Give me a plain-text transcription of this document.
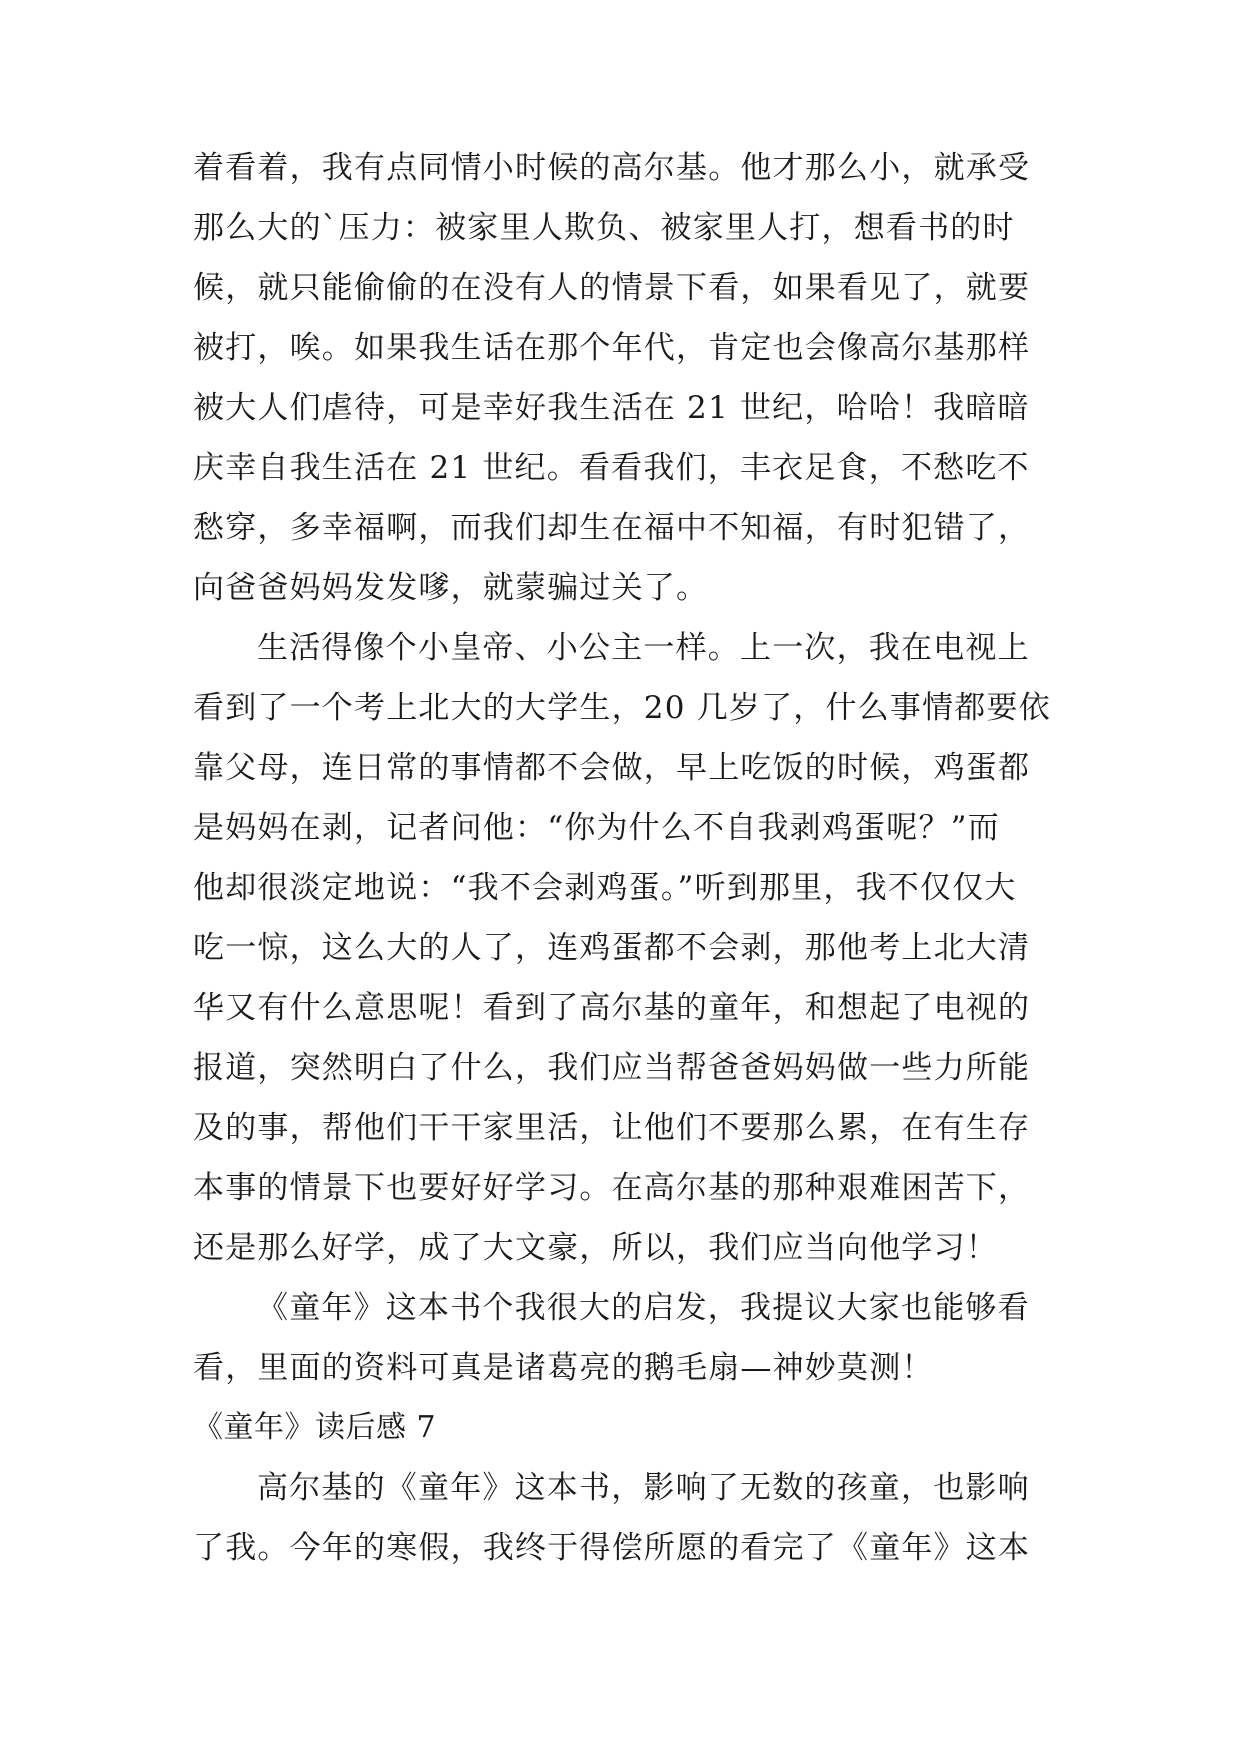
着看着，我有点同情小时候的高尔基。他才那么小，就承受
那么大的`压力：被家里人欺负、被家里人打，想看书的时
候，就只能偷偷的在没有人的情景下看，如果看见了，就要
被打，唉。如果我生话在那个年代，肯定也会像高尔基那样
被大人们虐待，可是幸好我生活在 21 世纪，哈哈！我暗暗
庆幸自我生活在 21 世纪。看看我们，丰衣足食，不愁吃不
愁穿，多幸福啊，而我们却生在福中不知福，有时犯错了，
向爸爸妈妈发发嗲，就蒙骗过关了。
生活得像个小皇帝、小公主一样。上一次，我在电视上
看到了一个考上北大的大学生，20 几岁了，什么事情都要依
靠父母，连日常的事情都不会做，早上吃饭的时候，鸡蛋都
是妈妈在剥，记者问他：“你为什么不自我剥鸡蛋呢？”而
他却很淡定地说：“我不会剥鸡蛋。”听到那里，我不仅仅大
吃一惊，这么大的人了，连鸡蛋都不会剥，那他考上北大清
华又有什么意思呢！看到了高尔基的童年，和想起了电视的
报道，突然明白了什么，我们应当帮爸爸妈妈做一些力所能
及的事，帮他们干干家里活，让他们不要那么累，在有生存
本事的情景下也要好好学习。在高尔基的那种艰难困苦下，
还是那么好学，成了大文豪，所以，我们应当向他学习！
《童年》这本书个我很大的启发，我提议大家也能够看
看，里面的资料可真是诸葛亮的鹅毛扇—神妙莫测！
《童年》读后感 7
高尔基的《童年》这本书，影响了无数的孩童，也影响
了我。今年的寒假，我终于得偿所愿的看完了《童年》这本
